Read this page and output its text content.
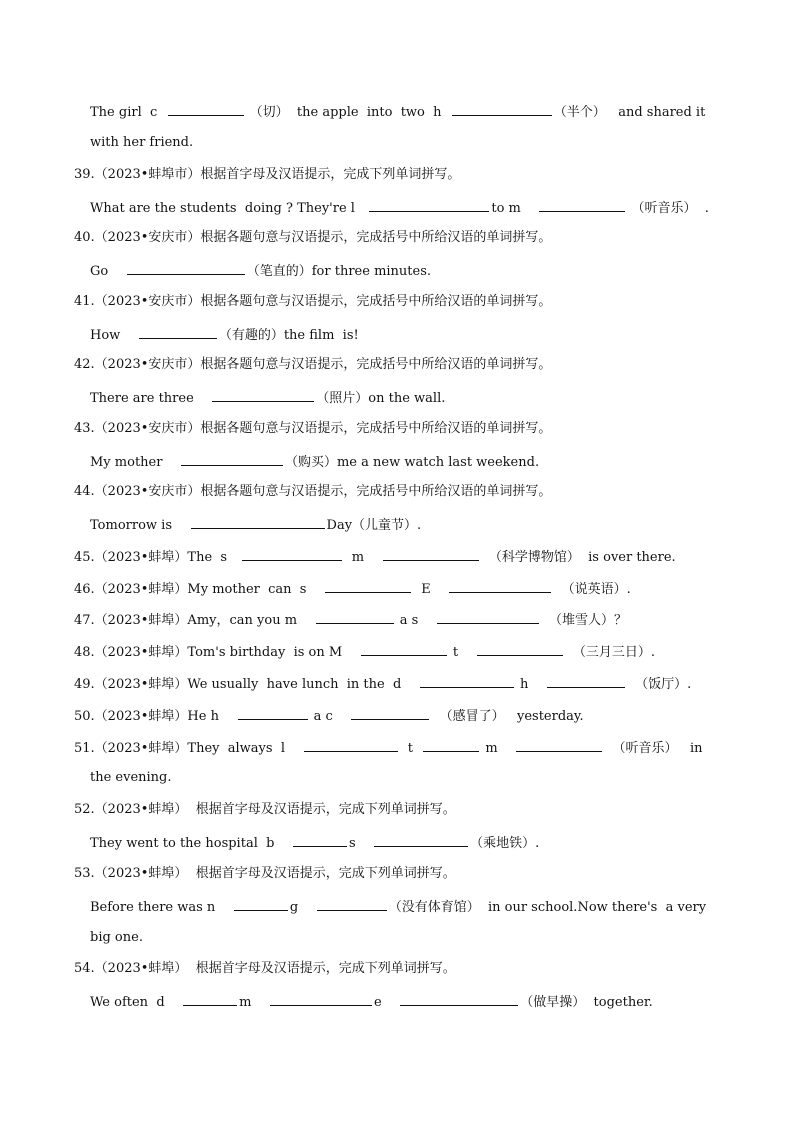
The girl  c	（切）  the apple  into  two  h	（半个）   and shared it
with her friend.
39.（2023•蚌埠市）根据首字母及汉语提示，完成下列单词拼写。
What are the students  doing ? They're l	to m	（听音乐）  .
40.（2023•安庆市）根据各题句意与汉语提示，完成括号中所给汉语的单词拼写。
Go	（笔直的）for three minutes.
41.（2023•安庆市）根据各题句意与汉语提示，完成括号中所给汉语的单词拼写。
How	（有趣的）the film  is!
42.（2023•安庆市）根据各题句意与汉语提示，完成括号中所给汉语的单词拼写。
There are three	（照片）on the wall.
43.（2023•安庆市）根据各题句意与汉语提示，完成括号中所给汉语的单词拼写。
My mother	（购买）me a new watch last weekend.
44.（2023•安庆市）根据各题句意与汉语提示，完成括号中所给汉语的单词拼写。
Tomorrow is	Day（儿童节）.
45.（2023•蚌埠）The  s	m	（科学博物馆）  is over there.
46.（2023•蚌埠）My mother  can  s	E	（说英语）.
47.（2023•蚌埠）Amy，can you m	a s	（堆雪人）？
48.（2023•蚌埠）Tom's birthday  is on M	t	（三月三日）.
49.（2023•蚌埠）We usually  have lunch  in the  d	h	（饭厅）.
50.（2023•蚌埠）He h	a c	（感冒了）   yesterday.
51.（2023•蚌埠）They  always  l	t	m	（听音乐）   in
the evening.
52.（2023•蚌埠）  根据首字母及汉语提示，完成下列单词拼写。
They went to the hospital  b	s	（乘地铁）.
53.（2023•蚌埠）  根据首字母及汉语提示，完成下列单词拼写。
Before there was n	g	（没有体育馆）  in our school.Now there's  a very
big one.
54.（2023•蚌埠）  根据首字母及汉语提示，完成下列单词拼写。
We often  d	m	e	（做早操）  together.
